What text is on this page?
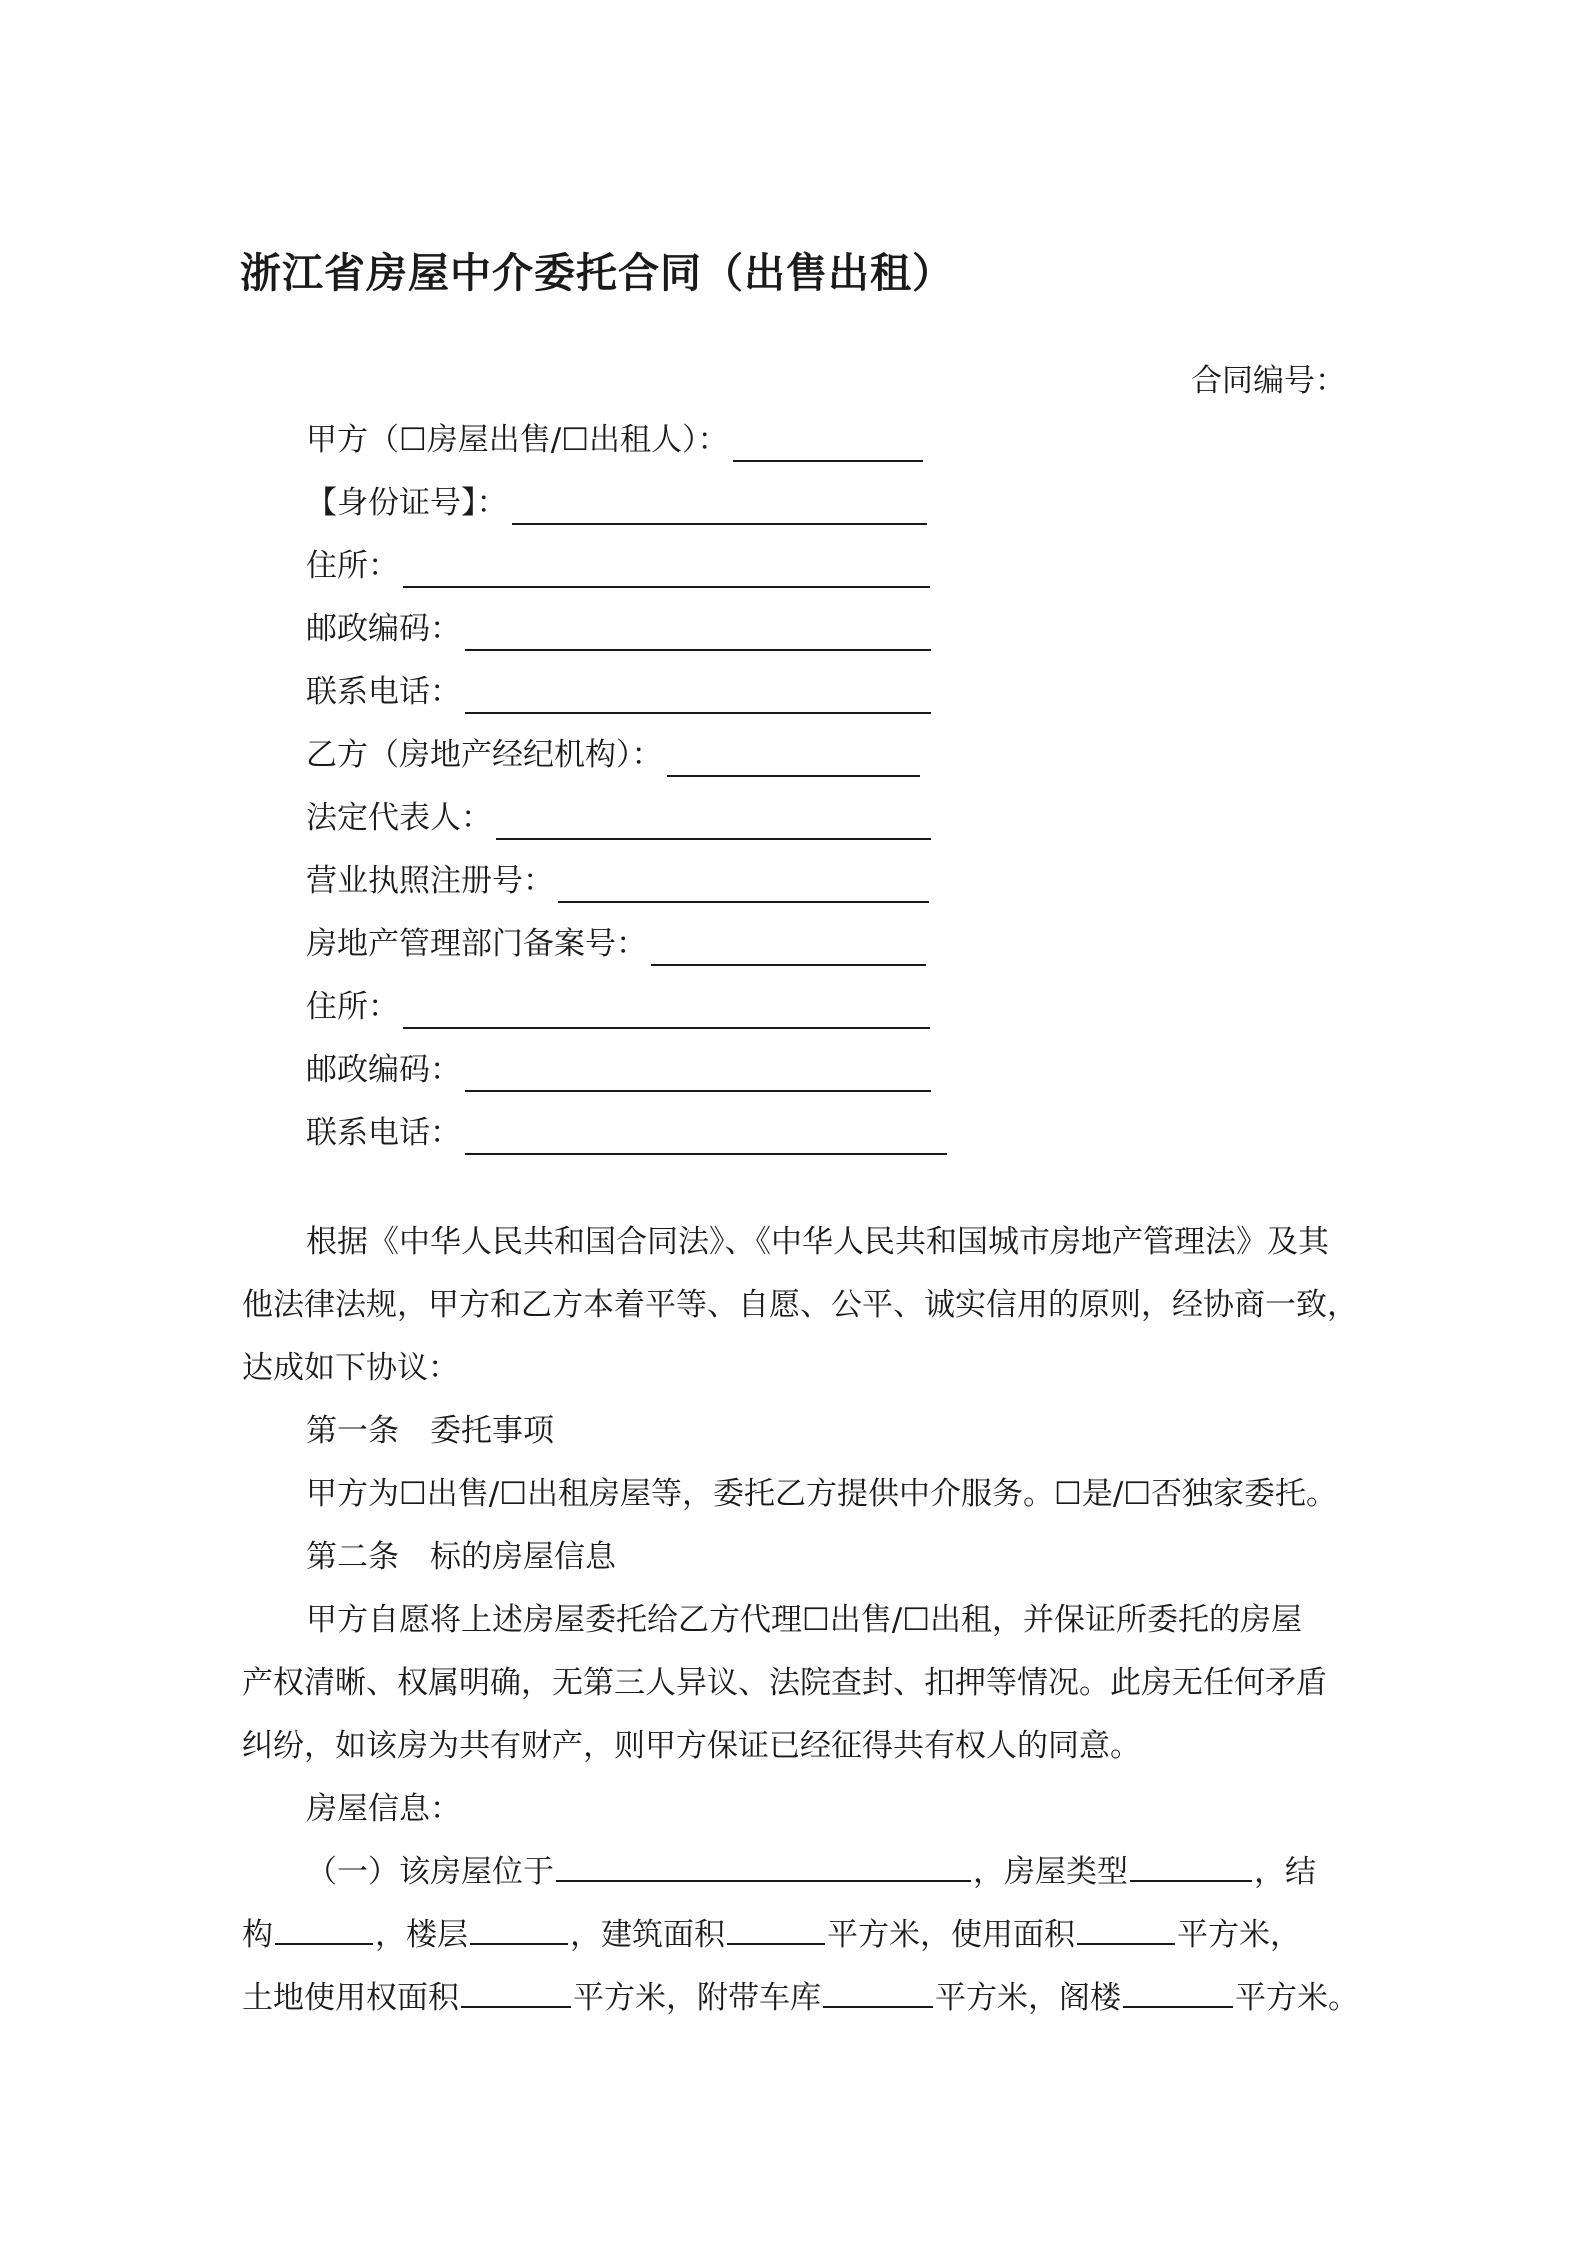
浙江省房屋中介委托合同（出售出租）
合同编号：
甲方（☐房屋出售/☐出租人）：
【身份证号】：
住所：
邮政编码：
联系电话：
乙方（房地产经纪机构）：
法定代表人：
营业执照注册号：
房地产管理部门备案号：
住所：
邮政编码：
联系电话：
根据《中华人民共和国合同法》、《中华人民共和国城市房地产管理法》及其
他法律法规，甲方和乙方本着平等、自愿、公平、诚实信用的原则，经协商一致，
达成如下协议：
第一条　委托事项
甲方为☐出售/☐出租房屋等，委托乙方提供中介服务。☐是/☐否独家委托。
第二条　标的房屋信息
甲方自愿将上述房屋委托给乙方代理☐出售/☐出租，并保证所委托的房屋
产权清晰、权属明确，无第三人异议、法院查封、扣押等情况。此房无任何矛盾
纠纷，如该房为共有财产，则甲方保证已经征得共有权人的同意。
房屋信息：
（一）该房屋位于	，房屋类型	，结
构	，楼层	，建筑面积	平方米，使用面积	平方米，
土地使用权面积	平方米，附带车库	平方米，阁楼	平方米。
